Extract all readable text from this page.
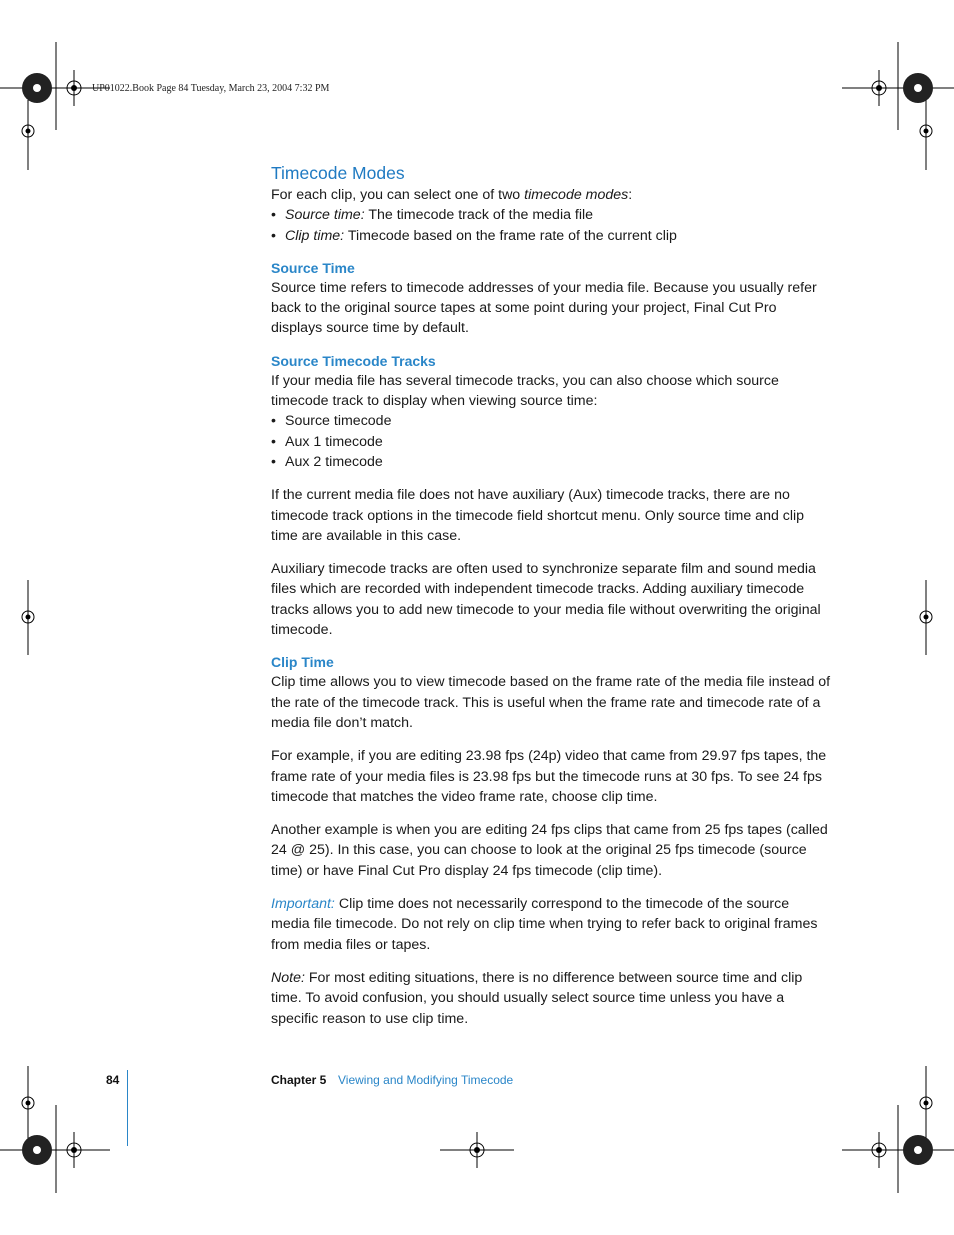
UP01022.Book Page 84 Tuesday, March 23, 2004 7:32 PM
Timecode Modes

For each clip, you can select one of two timecode modes:

• Source time: The timecode track of the media file
• Clip time: Timecode based on the frame rate of the current clip
Source Time

Source time refers to timecode addresses of your media file. Because you usually refer back to the original source tapes at some point during your project, Final Cut Pro displays source time by default.

Source Timecode Tracks

If your media file has several timecode tracks, you can also choose which source timecode track to display when viewing source time:

• Source timecode
• Aux 1 timecode
• Aux 2 timecode

If the current media file does not have auxiliary (Aux) timecode tracks, there are no timecode track options in the timecode field shortcut menu. Only source time and clip time are available in this case.

Auxiliary timecode tracks are often used to synchronize separate film and sound media files which are recorded with independent timecode tracks. Adding auxiliary timecode tracks allows you to add new timecode to your media file without overwriting the original timecode.

Clip Time

Clip time allows you to view timecode based on the frame rate of the media file instead of the rate of the timecode track. This is useful when the frame rate and timecode rate of a media file don’t match.

For example, if you are editing 23.98 fps (24p) video that came from 29.97 fps tapes, the frame rate of your media files is 23.98 fps but the timecode runs at 30 fps. To see 24 fps timecode that matches the video frame rate, choose clip time.

Another example is when you are editing 24 fps clips that came from 25 fps tapes (called 24 @ 25). In this case, you can choose to look at the original 25 fps timecode (source time) or have Final Cut Pro display 24 fps timecode (clip time).

Important: Clip time does not necessarily correspond to the timecode of the source media file timecode. Do not rely on clip time when trying to refer back to original frames from media files or tapes.

Note: For most editing situations, there is no difference between source time and clip time. To avoid confusion, you should usually select source time unless you have a specific reason to use clip time.

84	Chapter 5 Viewing and Modifying Timecode
